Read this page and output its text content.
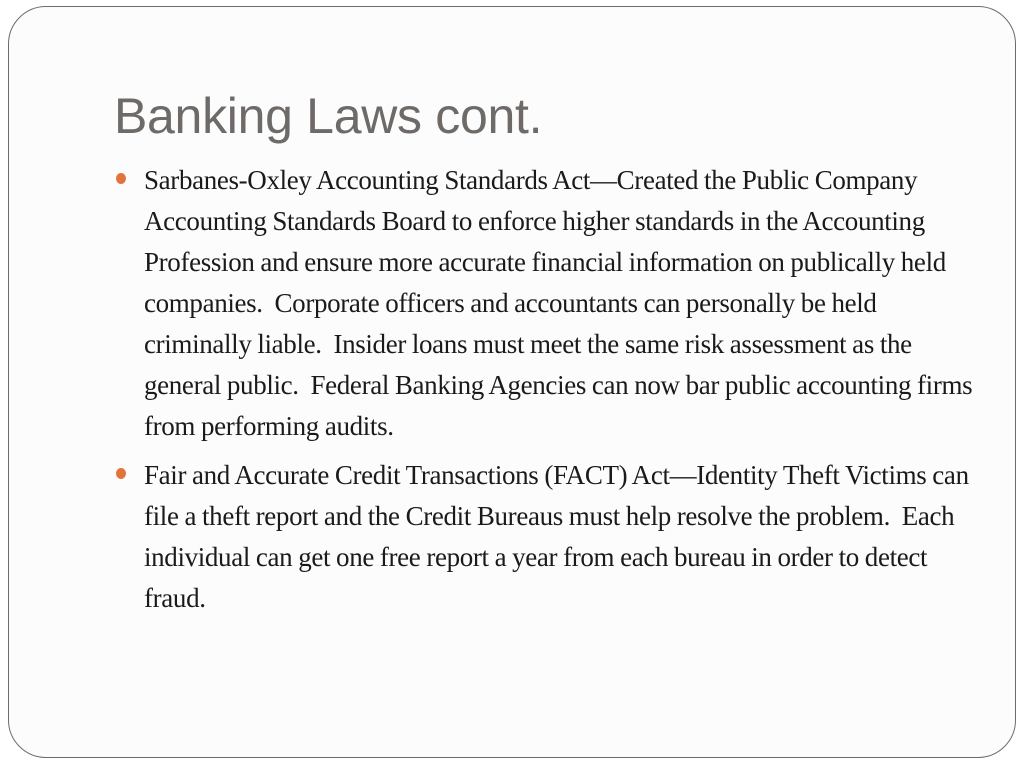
Banking Laws cont.
Sarbanes-Oxley Accounting Standards Act—Created the Public Company Accounting Standards Board to enforce higher standards in the Accounting Profession and ensure more accurate financial information on publically held companies.  Corporate officers and accountants can personally be held criminally liable.  Insider loans must meet the same risk assessment as the general public.  Federal Banking Agencies can now bar public accounting firms from performing audits.
Fair and Accurate Credit Transactions (FACT) Act—Identity Theft Victims can file a theft report and the Credit Bureaus must help resolve the problem.  Each individual can get one free report a year from each bureau in order to detect fraud.
